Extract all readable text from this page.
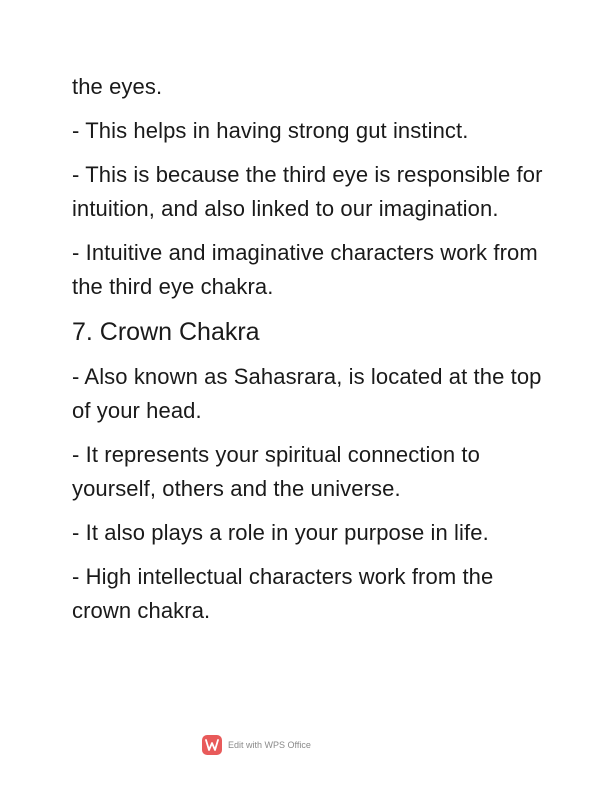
the eyes.

- This helps in having strong gut instinct.

- This is because the third eye is responsible for intuition, and also linked to our imagination.

- Intuitive and imaginative characters work from the third eye chakra.

7. Crown Chakra

- Also known as Sahasrara, is located at the top of your head.

- It represents your spiritual connection to yourself, others and the universe.

- It also plays a role in your purpose in life.

- High intellectual characters work from the crown chakra.

Edit with WPS Office
